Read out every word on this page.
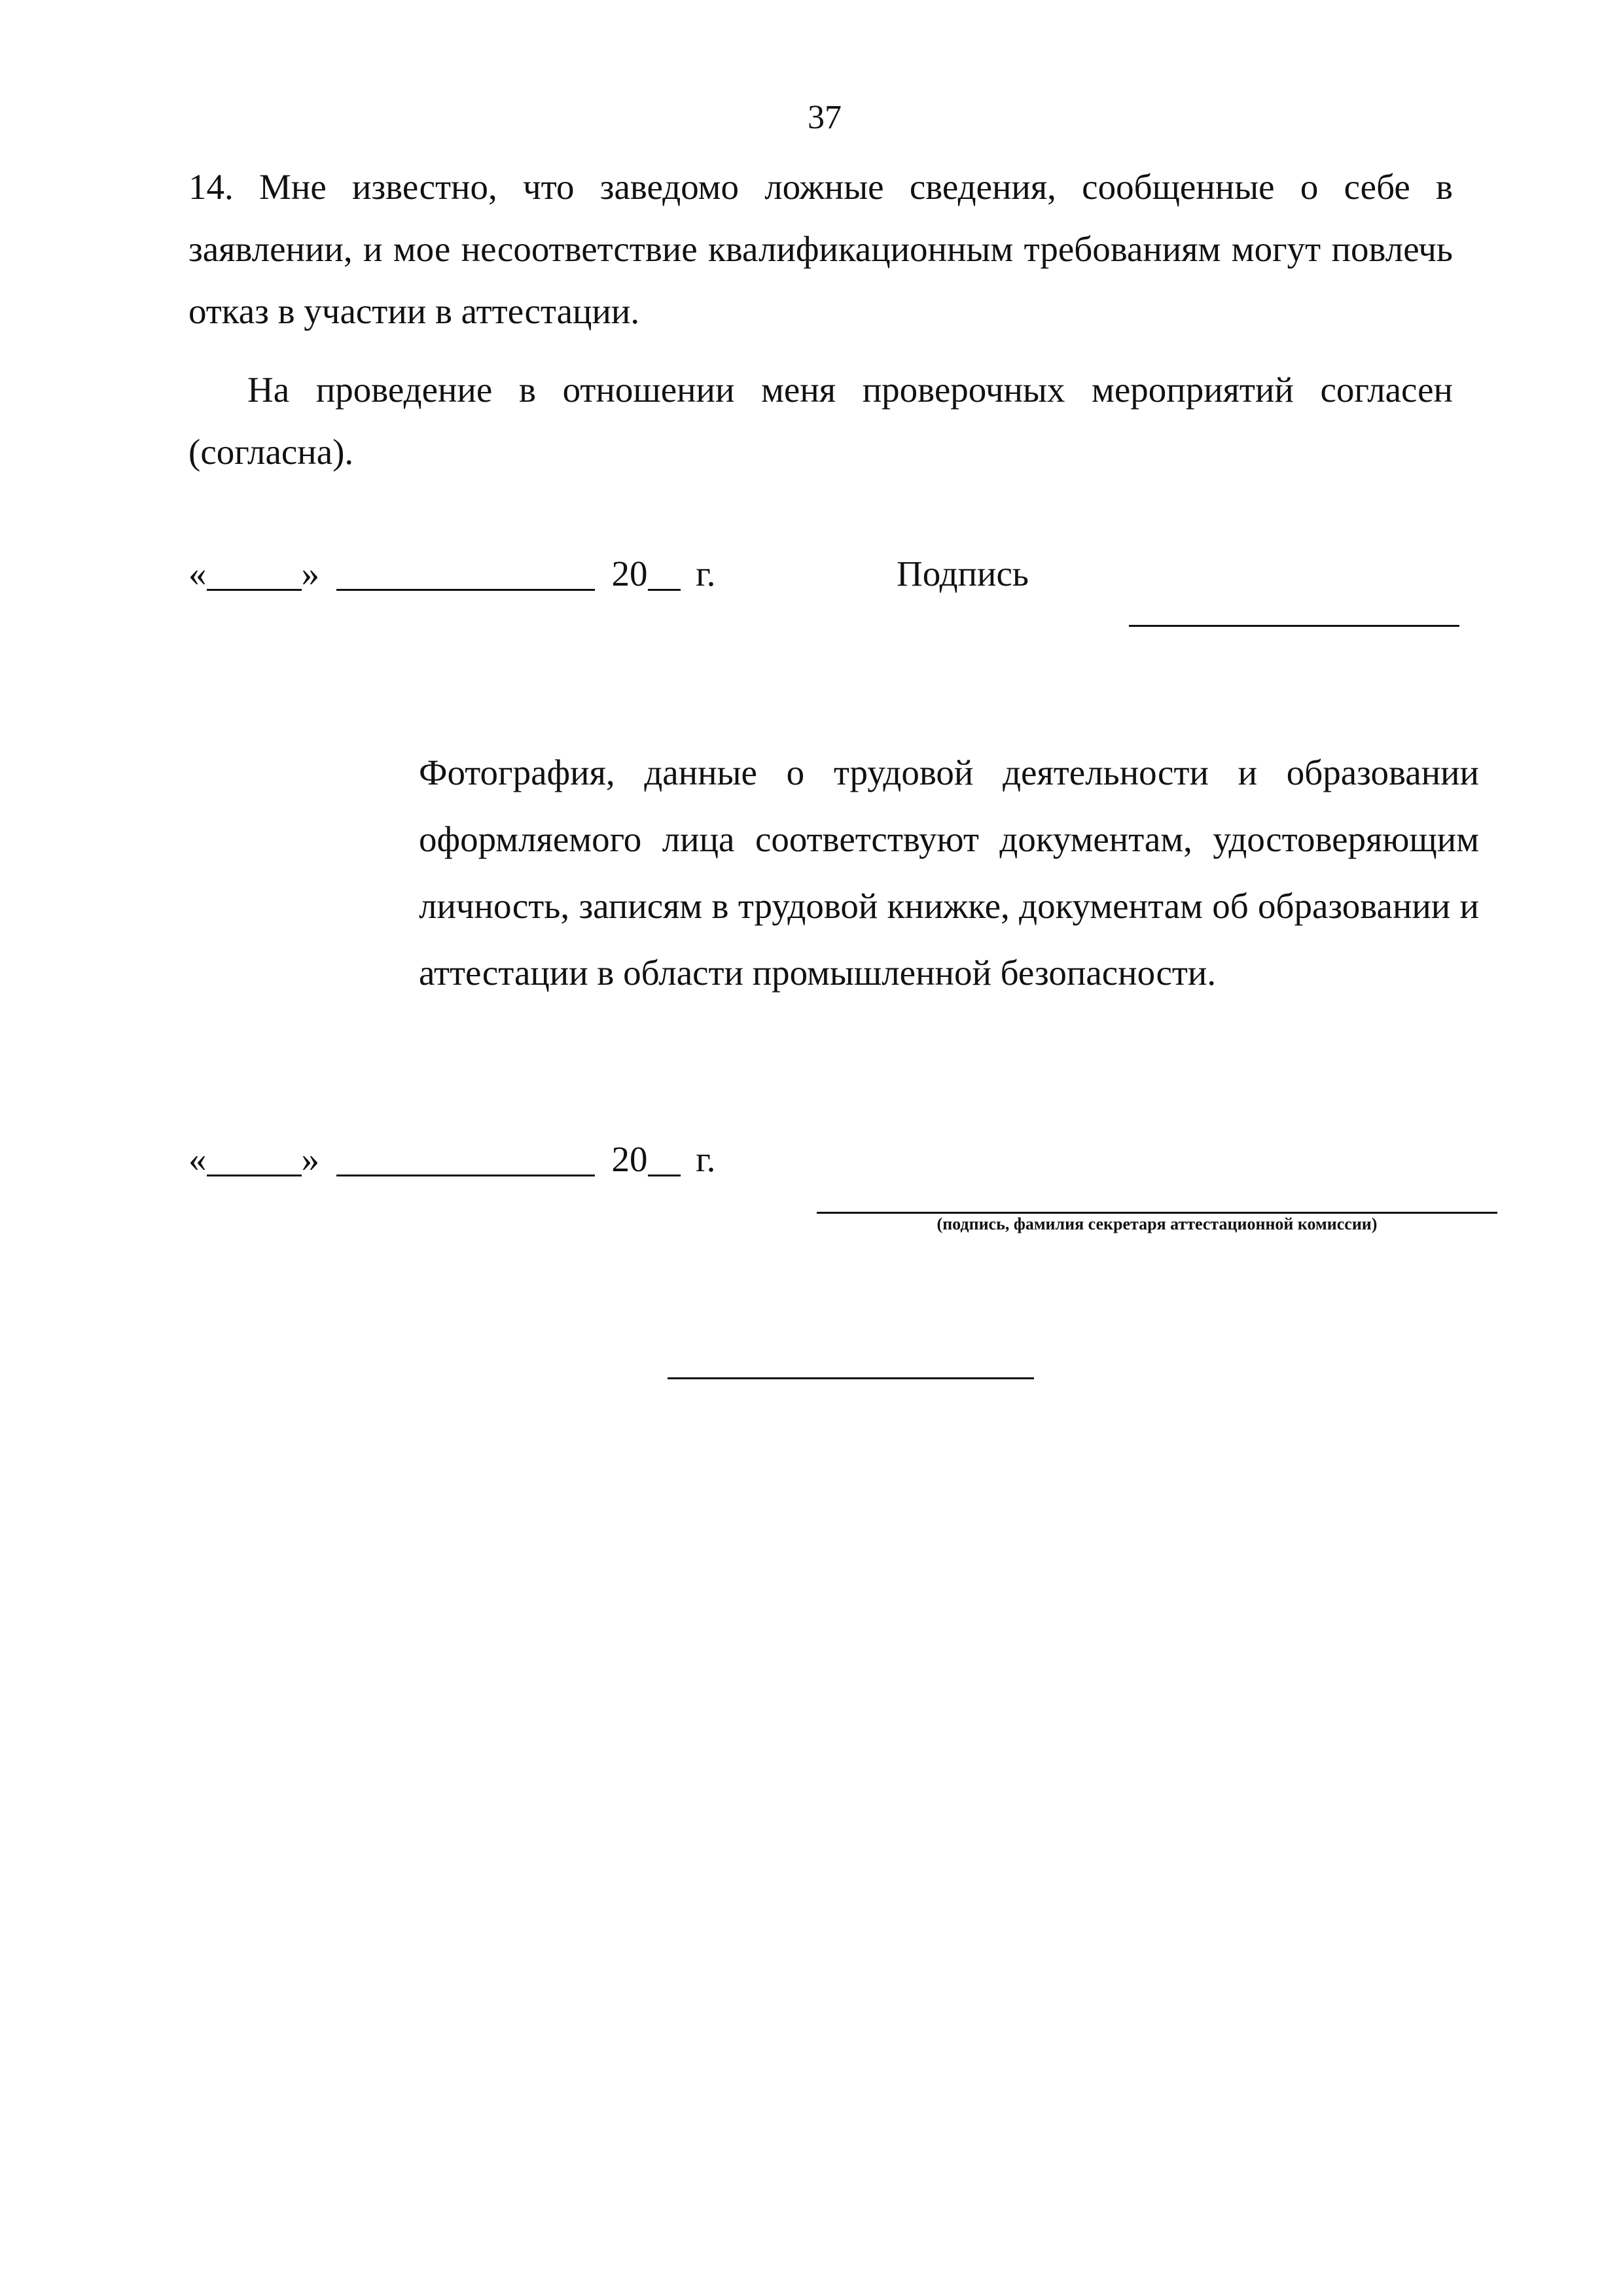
37
14. Мне известно, что заведомо ложные сведения, сообщенные о себе в заявлении, и мое несоответствие квалификационным требованиям могут повлечь отказ в участии в аттестации.
На проведение в отношении меня проверочных мероприятий согласен (согласна).
«	»	20 г.	Подпись
Фотография, данные о трудовой деятельности и образовании оформляемого лица соответствуют документам, удостоверяющим личность, записям в трудовой книжке, документам об образовании и аттестации в области промышленной безопасности.
«	»	20 г.
(подпись, фамилия секретаря аттестационной комиссии)
